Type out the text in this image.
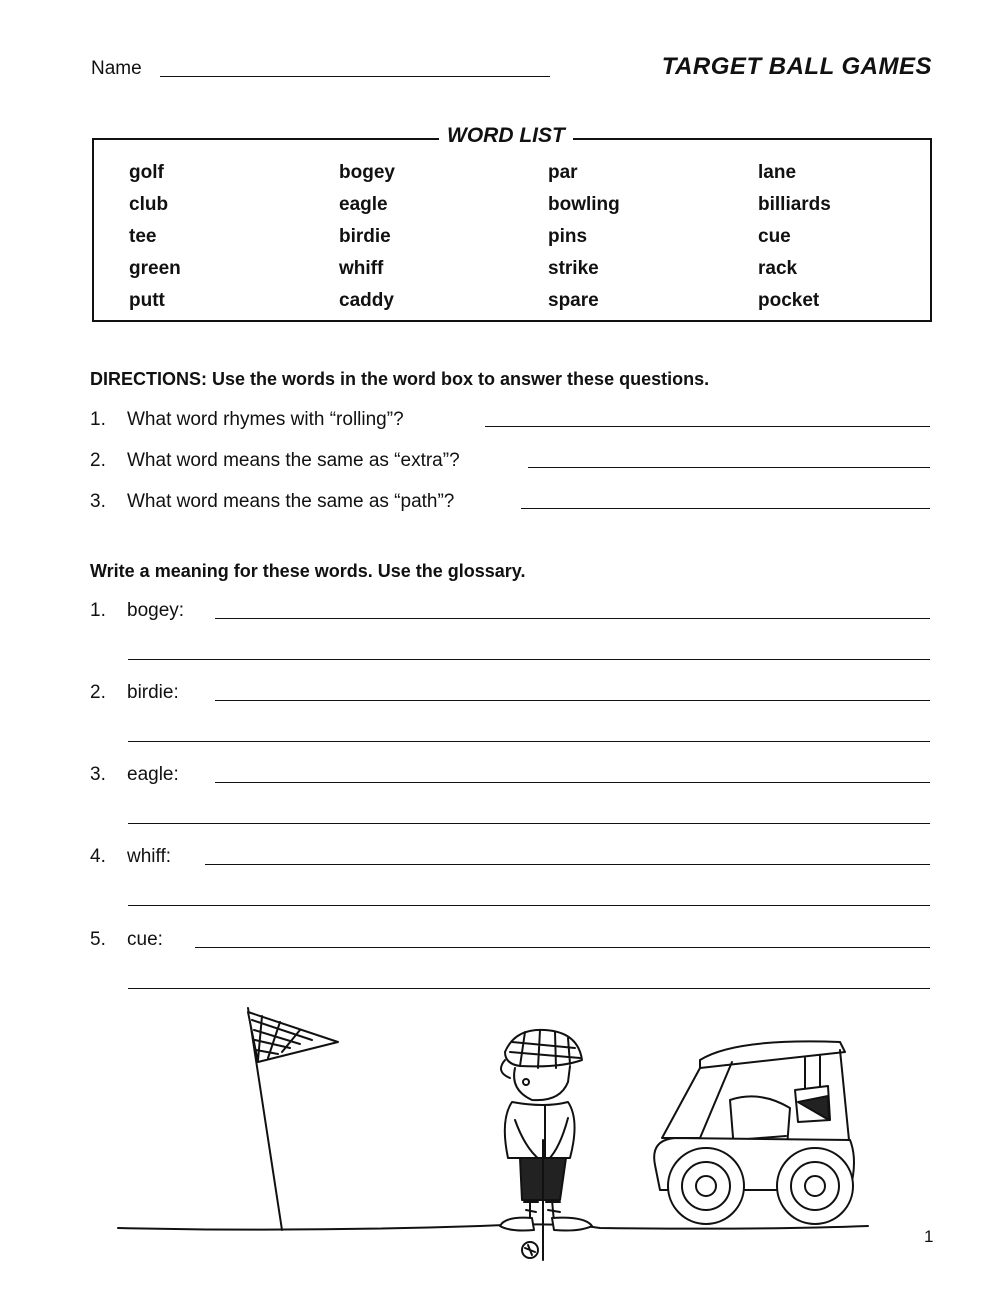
Name	TARGET BALL GAMES
WORD LIST
golf
club
tee
green
putt
bogey
eagle
birdie
whiff
caddy
par
bowling
pins
strike
spare
lane
billiards
cue
rack
pocket
DIRECTIONS: Use the words in the word box to answer these questions.
1. What word rhymes with “rolling”?
2. What word means the same as “extra”?
3. What word means the same as “path”?
Write a meaning for these words. Use the glossary.
1. bogey:
2. birdie:
3. eagle:
4. whiff:
5. cue:
1
